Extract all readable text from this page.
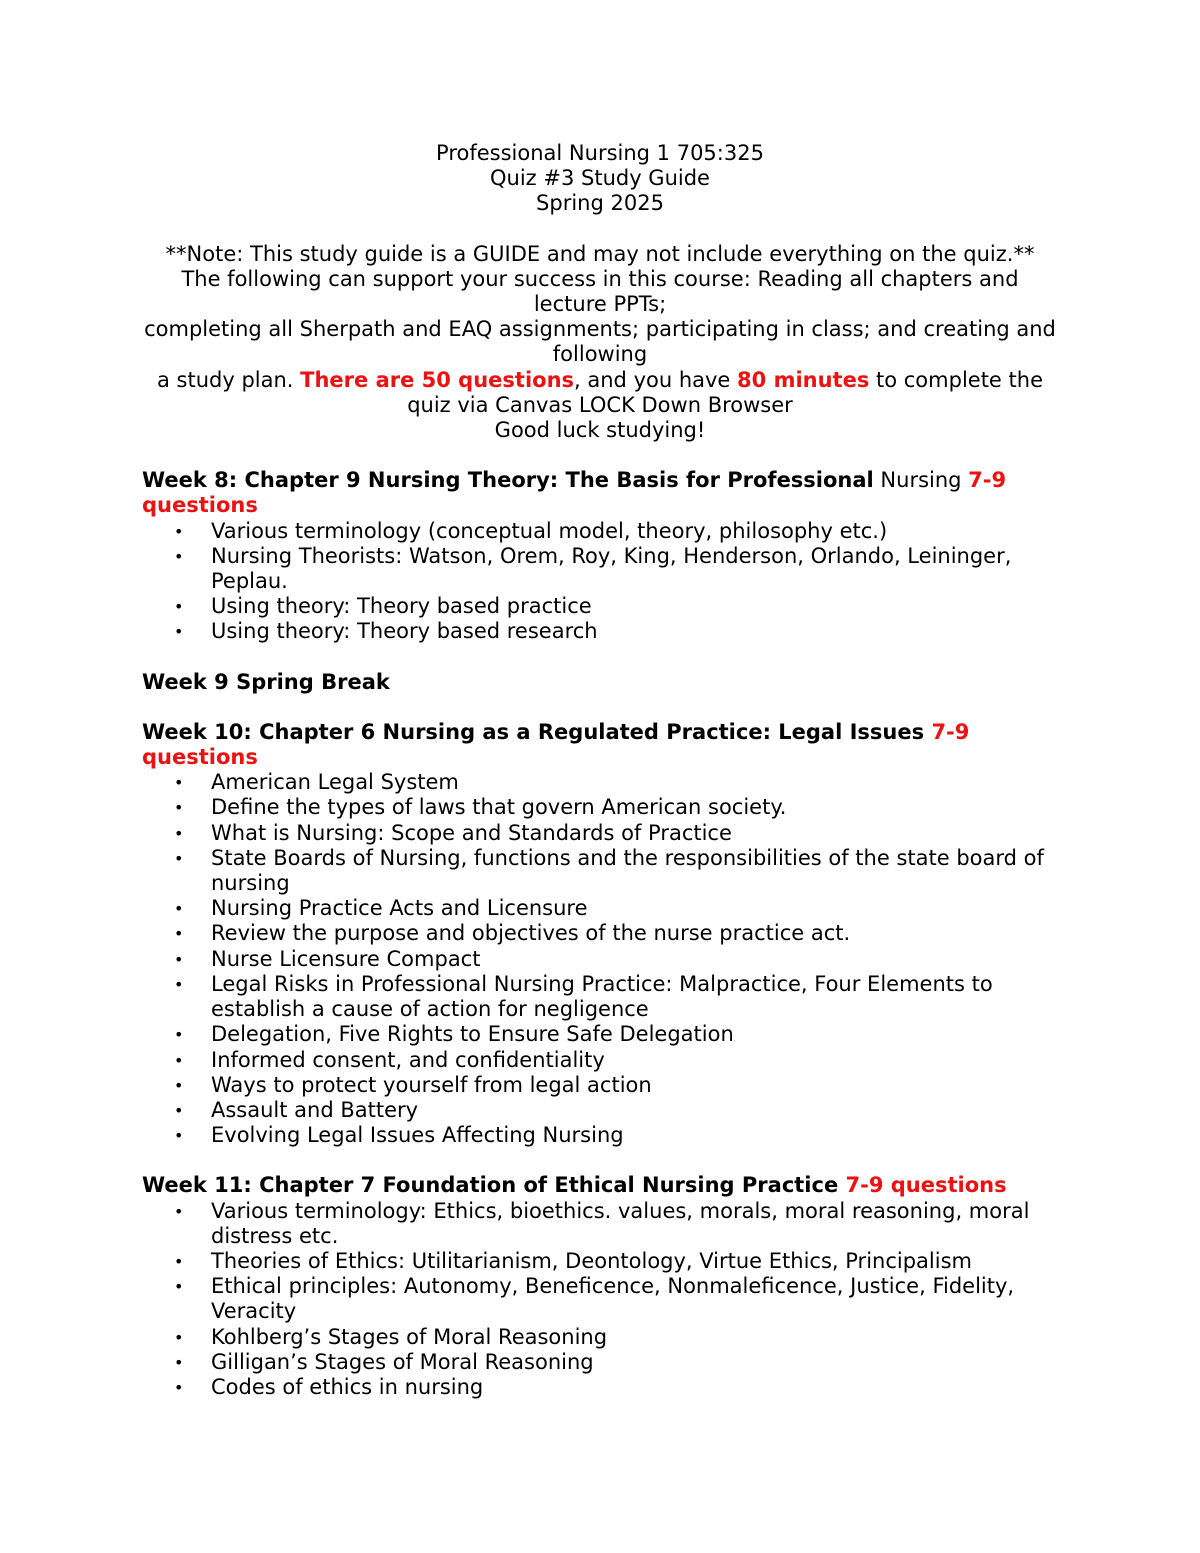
Professional Nursing 1 705:325
Quiz #3 Study Guide
Spring 2025
**Note: This study guide is a GUIDE and may not include everything on the quiz.**
The following can support your success in this course: Reading all chapters and lecture PPTs;
completing all Sherpath and EAQ assignments; participating in class; and creating and following
a study plan. There are 50 questions, and you have 80 minutes to complete the quiz via Canvas LOCK Down Browser
Good luck studying!

Week 8: Chapter 9 Nursing Theory: The Basis for Professional Nursing 7-9 questions

• Various terminology (conceptual model, theory, philosophy etc.)
• Nursing Theorists: Watson, Orem, Roy, King, Henderson, Orlando, Leininger, Peplau.
• Using theory: Theory based practice
• Using theory: Theory based research

Week 9 Spring Break

Week 10: Chapter 6 Nursing as a Regulated Practice: Legal Issues 7-9 questions

• American Legal System
• Define the types of laws that govern American society.
• What is Nursing: Scope and Standards of Practice
• State Boards of Nursing, functions and the responsibilities of the state board of nursing
• Nursing Practice Acts and Licensure
• Review the purpose and objectives of the nurse practice act.
• Nurse Licensure Compact
• Legal Risks in Professional Nursing Practice: Malpractice, Four Elements to establish a cause of action for negligence
• Delegation, Five Rights to Ensure Safe Delegation
• Informed consent, and confidentiality
• Ways to protect yourself from legal action
• Assault and Battery
• Evolving Legal Issues Affecting Nursing

Week 11: Chapter 7 Foundation of Ethical Nursing Practice 7-9 questions

• Various terminology: Ethics, bioethics. values, morals, moral reasoning, moral distress etc.
• Theories of Ethics: Utilitarianism, Deontology, Virtue Ethics, Principalism
• Ethical principles: Autonomy, Beneficence, Nonmaleficence, Justice, Fidelity, Veracity
• Kohlberg’s Stages of Moral Reasoning
• Gilligan’s Stages of Moral Reasoning
• Codes of ethics in nursing
